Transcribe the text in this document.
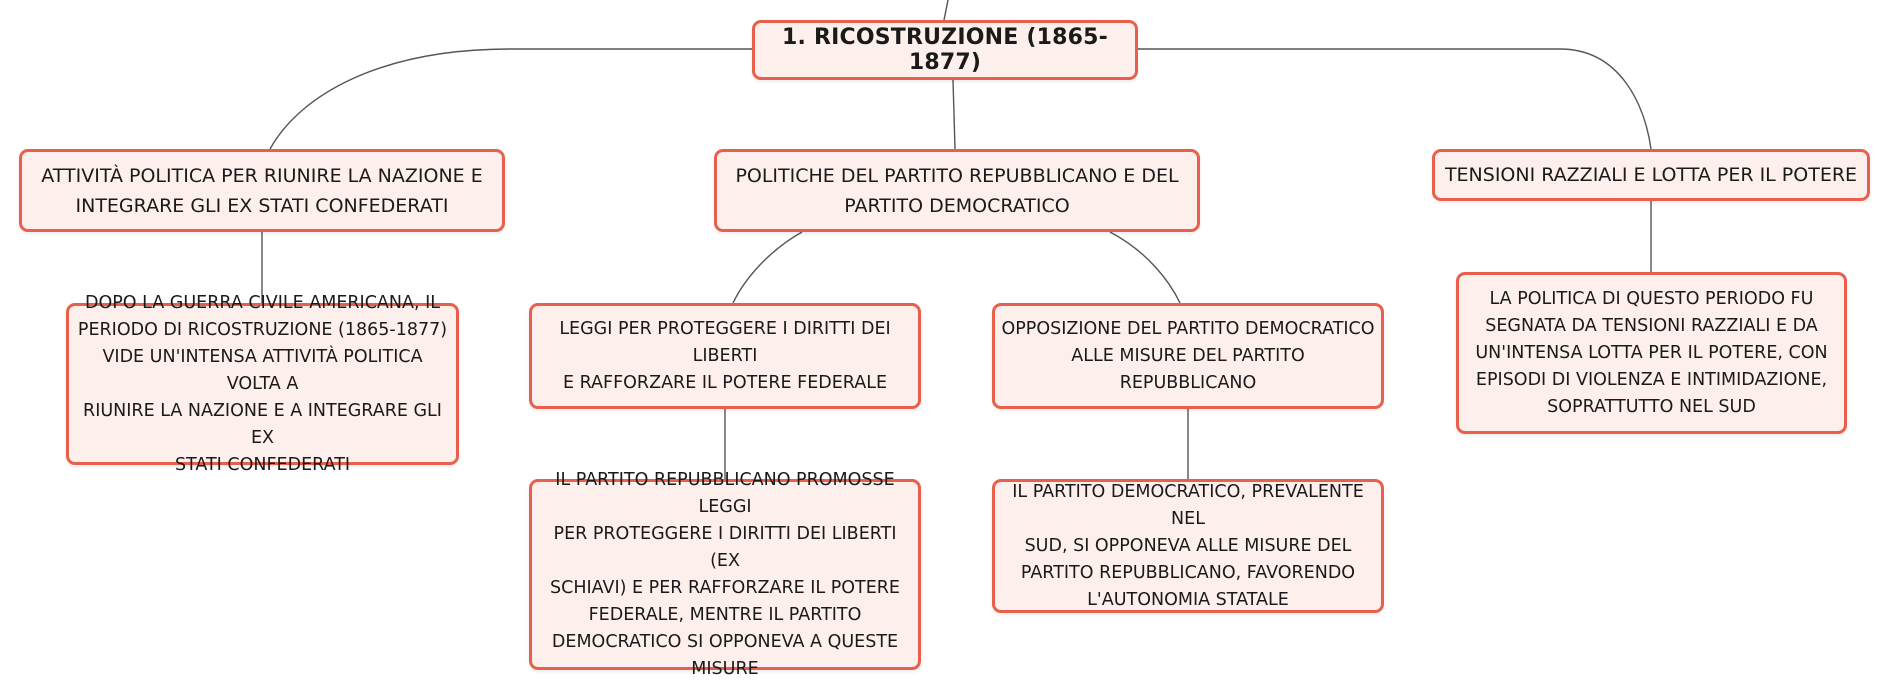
1. RICOSTRUZIONE (1865-1877)
ATTIVITÀ POLITICA PER RIUNIRE LA NAZIONE E
INTEGRARE GLI EX STATI CONFEDERATI
POLITICHE DEL PARTITO REPUBBLICANO E DEL
PARTITO DEMOCRATICO
TENSIONI RAZZIALI E LOTTA PER IL POTERE
DOPO LA GUERRA CIVILE AMERICANA, IL
PERIODO DI RICOSTRUZIONE (1865-1877)
VIDE UN'INTENSA ATTIVITÀ POLITICA VOLTA A
RIUNIRE LA NAZIONE E A INTEGRARE GLI EX
STATI CONFEDERATI
LEGGI PER PROTEGGERE I DIRITTI DEI LIBERTI
E RAFFORZARE IL POTERE FEDERALE
OPPOSIZIONE DEL PARTITO DEMOCRATICO
ALLE MISURE DEL PARTITO REPUBBLICANO
IL PARTITO REPUBBLICANO PROMOSSE LEGGI
PER PROTEGGERE I DIRITTI DEI LIBERTI (EX
SCHIAVI) E PER RAFFORZARE IL POTERE
FEDERALE, MENTRE IL PARTITO
DEMOCRATICO SI OPPONEVA A QUESTE
MISURE
IL PARTITO DEMOCRATICO, PREVALENTE NEL
SUD, SI OPPONEVA ALLE MISURE DEL
PARTITO REPUBBLICANO, FAVORENDO
L'AUTONOMIA STATALE
LA POLITICA DI QUESTO PERIODO FU
SEGNATA DA TENSIONI RAZZIALI E DA
UN'INTENSA LOTTA PER IL POTERE, CON
EPISODI DI VIOLENZA E INTIMIDAZIONE,
SOPRATTUTTO NEL SUD
